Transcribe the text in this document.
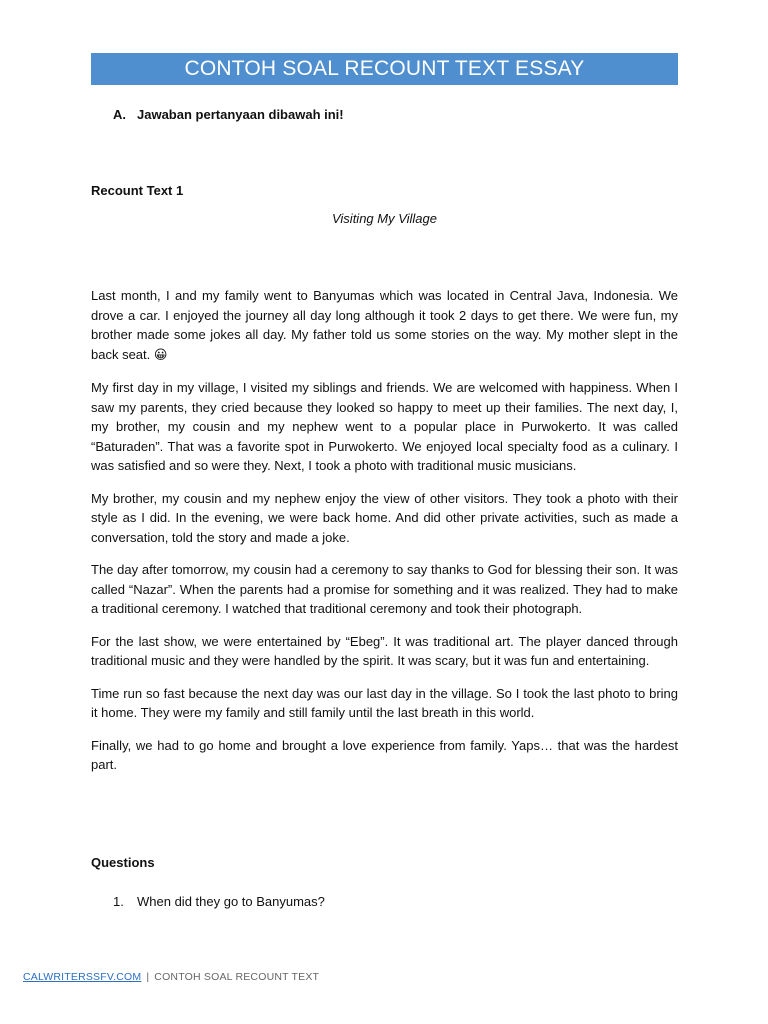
CONTOH SOAL RECOUNT TEXT ESSAY
A. Jawaban pertanyaan dibawah ini!
Recount Text 1
Visiting My Village

Last month, I and my family went to Banyumas which was located in Central Java, Indonesia. We drove a car. I enjoyed the journey all day long although it took 2 days to get there. We were fun, my brother made some jokes all day. My father told us some stories on the way. My mother slept in the back seat. 😀

My first day in my village, I visited my siblings and friends. We are welcomed with happiness. When I saw my parents, they cried because they looked so happy to meet up their families. The next day, I, my brother, my cousin and my nephew went to a popular place in Purwokerto. It was called “Baturaden”. That was a favorite spot in Purwokerto. We enjoyed local specialty food as a culinary. I was satisfied and so were they. Next, I took a photo with traditional music musicians.

My brother, my cousin and my nephew enjoy the view of other visitors. They took a photo with their style as I did. In the evening, we were back home. And did other private activities, such as made a conversation, told the story and made a joke.

The day after tomorrow, my cousin had a ceremony to say thanks to God for blessing their son. It was called “Nazar”. When the parents had a promise for something and it was realized. They had to make a traditional ceremony. I watched that traditional ceremony and took their photograph.

For the last show, we were entertained by “Ebeg”. It was traditional art. The player danced through traditional music and they were handled by the spirit. It was scary, but it was fun and entertaining.

Time run so fast because the next day was our last day in the village. So I took the last photo to bring it home. They were my family and still family until the last breath in this world.

Finally, we had to go home and brought a love experience from family. Yaps… that was the hardest part.

Questions
1. When did they go to Banyumas?
CALWRITERSSFV.COM | CONTOH SOAL RECOUNT TEXT
